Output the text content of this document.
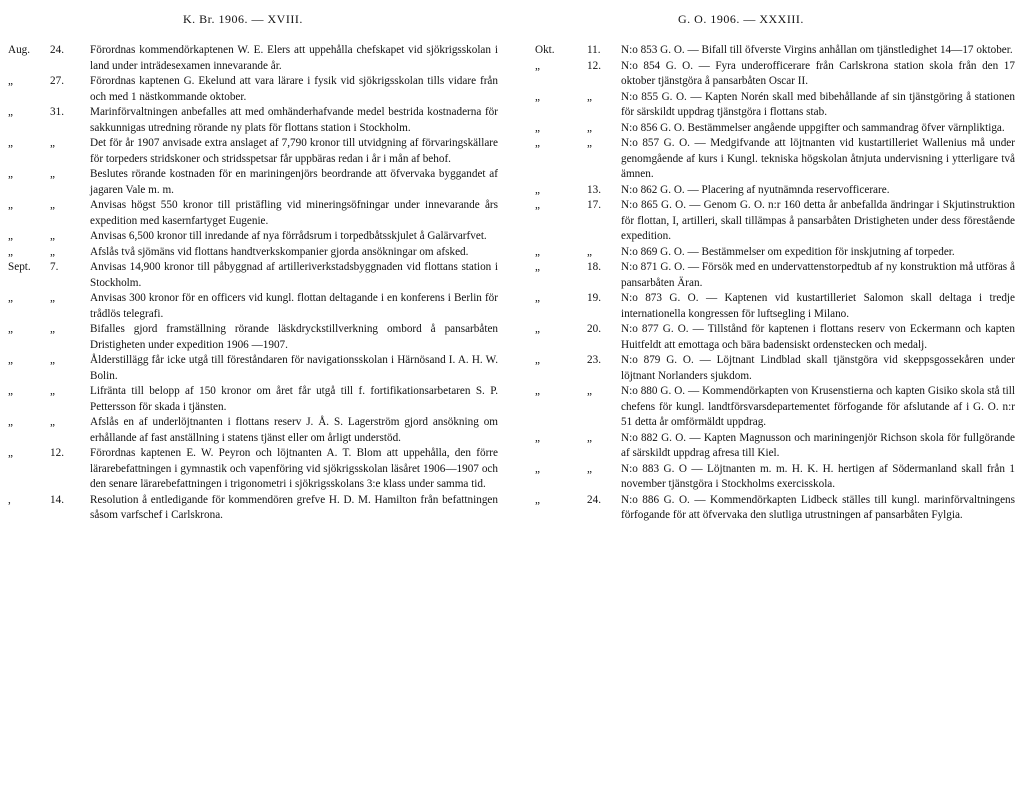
K. Br. 1906. — XVIII.
Aug.	24.	Förordnas kommendörkaptenen W. E. Elers att uppehålla chefskapet vid sjökrigsskolan i land under inträdesexamen innevarande år.
„	27.	Förordnas kaptenen G. Ekelund att vara lärare i fysik vid sjökrigsskolan tills vidare från och med 1 nästkommande oktober.
„	31.	Marinförvaltningen anbefalles att med omhänderhafvande medel bestrida kostnaderna för sakkunnigas utredning rörande ny plats för flottans station i Stockholm.
„	„	Det för år 1907 anvisade extra anslaget af 7,790 kronor till utvidgning af förvaringskällare för torpeders stridskoner och stridsspetsar får uppbäras redan i år i mån af behof.
„	„	Beslutes rörande kostnaden för en mariningenjörs beordrande att öfvervaka byggandet af jagaren Vale m. m.
„	„	Anvisas högst 550 kronor till pristäfling vid mineringsöfningar under innevarande års expedition med kasernfartyget Eugenie.
„	„	Anvisas 6,500 kronor till inredande af nya förrådsrum i torpedbåtsskjulet å Galärvarfvet.
„	„	Afslås två sjömäns vid flottans handtverkskompanier gjorda ansökningar om afsked.
Sept.	7.	Anvisas 14,900 kronor till påbyggnad af artilleriverkstadsbyggnaden vid flottans station i Stockholm.
„	„	Anvisas 300 kronor för en officers vid kungl. flottan deltagande i en konferens i Berlin för trådlös telegrafi.
„	„	Bifalles gjord framställning rörande läskdryckstillverkning ombord å pansarbåten Dristigheten under expedition 1906 —1907.
„	„	Ålderstillägg får icke utgå till föreståndaren för navigationsskolan i Härnösand I. A. H. W. Bolin.
„	„	Lifränta till belopp af 150 kronor om året får utgå till f. fortifikationsarbetaren S. P. Pettersson för skada i tjänsten.
„	„	Afslås en af underlöjtnanten i flottans reserv J. Å. S. Lagerström gjord ansökning om erhållande af fast anställning i statens tjänst eller om årligt understöd.
„	12.	Förordnas kaptenen E. W. Peyron och löjtnanten A. T. Blom att uppehålla, den förre lärarebefattningen i gymnastik och vapenföring vid sjökrigsskolan läsåret 1906—1907 och den senare lärarebefattningen i trigonometri i sjökrigsskolans 3:e klass under samma tid.
,	14.	Resolution å entledigande för kommendören grefve H. D. M. Hamilton från befattningen såsom varfschef i Carlskrona.
G. O. 1906. — XXXIII.
Okt.	11.	N:o 853 G. O. — Bifall till öfverste Virgins anhållan om tjänstledighet 14—17 oktober.
„	12.	N:o 854 G. O. — Fyra underofficerare från Carlskrona station skola från den 17 oktober tjänstgöra å pansarbåten Oscar II.
„	„	N:o 855 G. O. — Kapten Norén skall med bibehållande af sin tjänstgöring å stationen för särskildt uppdrag tjänstgöra i flottans stab.
„	„	N:o 856 G. O. Bestämmelser angående uppgifter och sammandrag öfver värnpliktiga.
„	„	N:o 857 G. O. — Medgifvande att löjtnanten vid kustartilleriet Wallenius må under genomgående af kurs i Kungl. tekniska högskolan åtnjuta undervisning i ytterligare två ämnen.
„	13.	N:o 862 G. O. — Placering af nyutnämnda reservofficerare.
„	17.	N:o 865 G. O. — Genom G. O. n:r 160 detta år anbefallda ändringar i Skjutinstruktion för flottan, I, artilleri, skall tillämpas å pansarbåten Dristigheten under dess förestående expedition.
„	„	N:o 869 G. O. — Bestämmelser om expedition för inskjutning af torpeder.
„	18.	N:o 871 G. O. — Försök med en undervattenstorpedtub af ny konstruktion må utföras å pansarbåten Äran.
„	19.	N:o 873 G. O. — Kaptenen vid kustartilleriet Salomon skall deltaga i tredje internationella kongressen för luftsegling i Milano.
„	20.	N:o 877 G. O. — Tillstånd för kaptenen i flottans reserv von Eckermann och kapten Huitfeldt att emottaga och bära badensiskt ordenstecken och medalj.
„	23.	N:o 879 G. O. — Löjtnant Lindblad skall tjänstgöra vid skeppsgossekåren under löjtnant Norlanders sjukdom.
„	„	N:o 880 G. O. — Kommendörkapten von Krusenstierna och kapten Gisiko skola stå till chefens för kungl. landtförsvarsdepartementet förfogande för afslutande af i G. O. n:r 51 detta år omförmäldt uppdrag.
„	„	N:o 882 G. O. — Kapten Magnusson och mariningenjör Richson skola för fullgörande af särskildt uppdrag afresa till Kiel.
„	„	N:o 883 G. O — Löjtnanten m. m. H. K. H. hertigen af Södermanland skall från 1 november tjänstgöra i Stockholms exercisskola.
„	24.	N:o 886 G. O. — Kommendörkapten Lidbeck ställes till kungl. marinförvaltningens förfogande för att öfvervaka den slutliga utrustningen af pansarbåten Fylgia.
